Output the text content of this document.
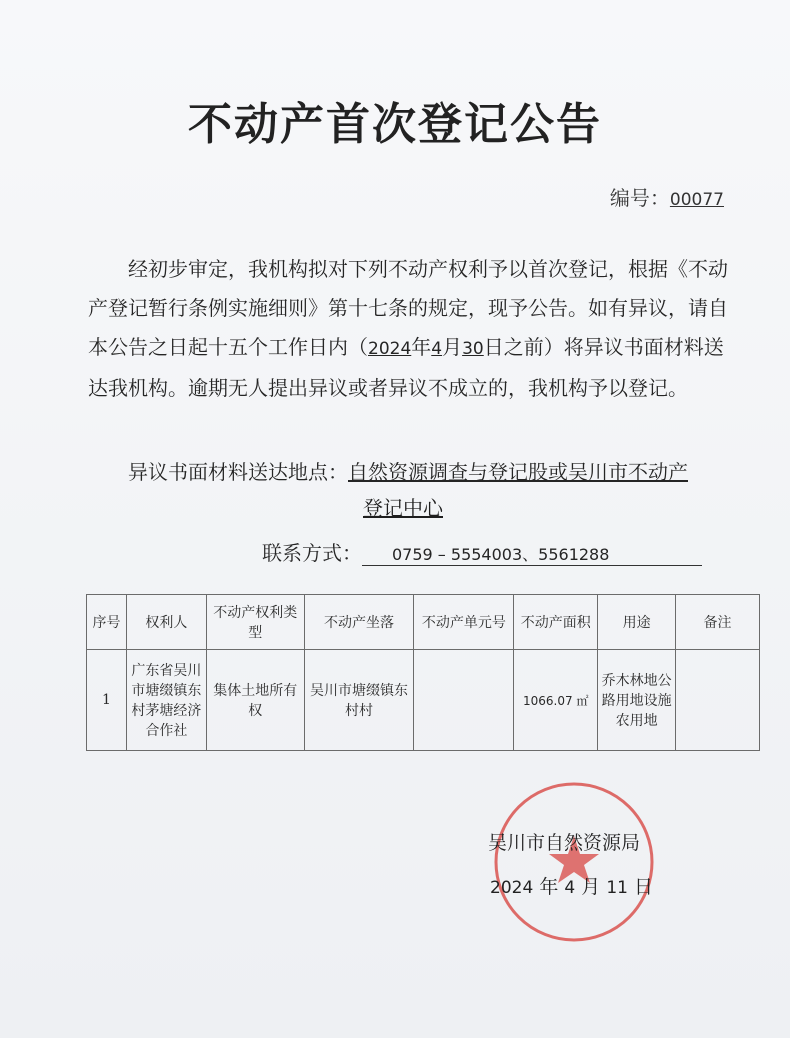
不动产首次登记公告
编号：00077

经初步审定，我机构拟对下列不动产权利予以首次登记，根据《不动产登记暂行条例实施细则》第十七条的规定，现予公告。如有异议，请自本公告之日起十五个工作日内（2024年4月30日之前）将异议书面材料送达我机构。逾期无人提出异议或者异议不成立的，我机构予以登记。

异议书面材料送达地点：自然资源调查与登记股或吴川市不动产
登记中心
联系方式： 0759 – 5554003、5561288
序号	权利人	不动产权利类型	不动产坐落	不动产单元号	不动产面积	用途	备注
1	广东省吴川市塘缀镇东村茅塘经济合作社	集体土地所有权	吴川市塘缀镇东村村		1066.07 ㎡	乔木林地公路用地设施农用地	
吴川市自然资源局
2024 年 4 月 11 日
